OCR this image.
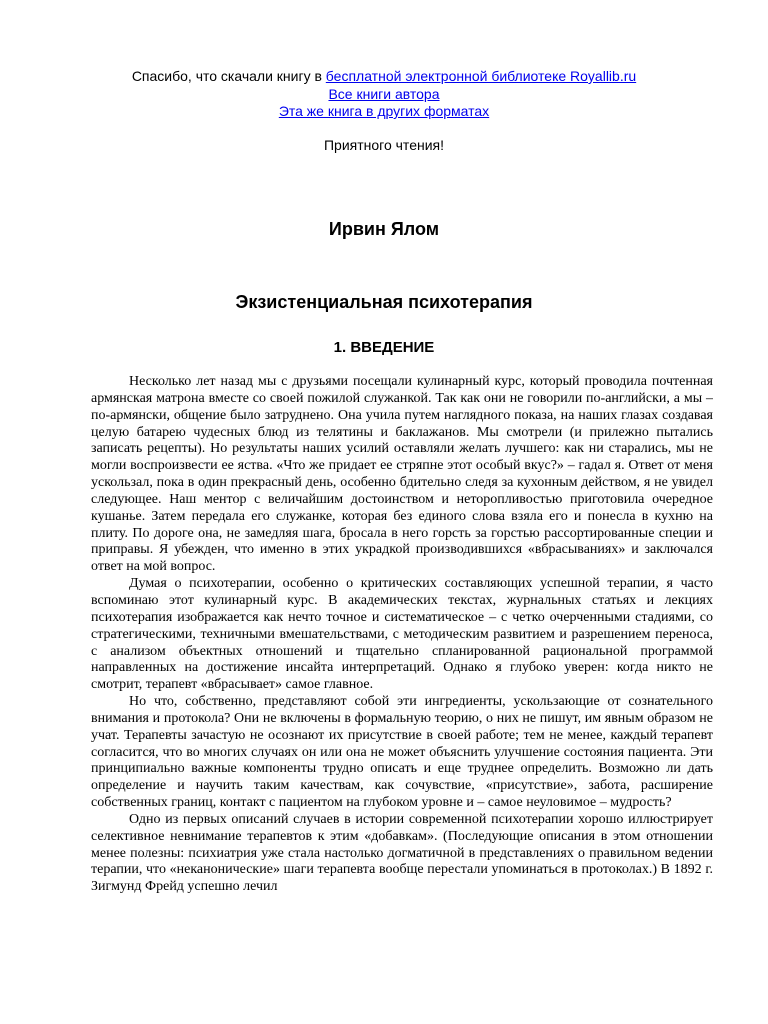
Спасибо, что скачали книгу в бесплатной электронной библиотеке Royallib.ru
Все книги автора
Эта же книга в других форматах
Приятного чтения!
Ирвин Ялом
Экзистенциальная психотерапия
1. ВВЕДЕНИЕ

Несколько лет назад мы с друзьями посещали кулинарный курс, который проводила почтенная армянская матрона вместе со своей пожилой служанкой. Так как они не говорили по-английски, а мы – по-армянски, общение было затруднено. Она учила путем наглядного показа, на наших глазах создавая целую батарею чудесных блюд из телятины и баклажанов. Мы смотрели (и прилежно пытались записать рецепты). Но результаты наших усилий оставляли желать лучшего: как ни старались, мы не могли воспроизвести ее яства. «Что же придает ее стряпне этот особый вкус?» – гадал я. Ответ от меня ускользал, пока в один прекрасный день, особенно бдительно следя за кухонным действом, я не увидел следующее. Наш ментор с величайшим достоинством и неторопливостью приготовила очередное кушанье. Затем передала его служанке, которая без единого слова взяла его и понесла в кухню на плиту. По дороге она, не замедляя шага, бросала в него горсть за горстью рассортированные специи и приправы. Я убежден, что именно в этих украдкой производившихся «вбрасываниях» и заключался ответ на мой вопрос.

Думая о психотерапии, особенно о критических составляющих успешной терапии, я часто вспоминаю этот кулинарный курс. В академических текстах, журнальных статьях и лекциях психотерапия изображается как нечто точное и систематическое – с четко очерченными стадиями, со стратегическими, техничными вмешательствами, с методическим развитием и разрешением переноса, с анализом объектных отношений и тщательно спланированной рациональной программой направленных на достижение инсайта интерпретаций. Однако я глубоко уверен: когда никто не смотрит, терапевт «вбрасывает» самое главное.

Но что, собственно, представляют собой эти ингредиенты, ускользающие от сознательного внимания и протокола? Они не включены в формальную теорию, о них не пишут, им явным образом не учат. Терапевты зачастую не осознают их присутствие в своей работе; тем не менее, каждый терапевт согласится, что во многих случаях он или она не может объяснить улучшение состояния пациента. Эти принципиально важные компоненты трудно описать и еще труднее определить. Возможно ли дать определение и научить таким качествам, как сочувствие, «присутствие», забота, расширение собственных границ, контакт с пациентом на глубоком уровне и – самое неуловимое – мудрость?

Одно из первых описаний случаев в истории современной психотерапии хорошо иллюстрирует селективное невнимание терапевтов к этим «добавкам». (Последующие описания в этом отношении менее полезны: психиатрия уже стала настолько догматичной в представлениях о правильном ведении терапии, что «неканонические» шаги терапевта вообще перестали упоминаться в протоколах.) В 1892 г. Зигмунд Фрейд успешно лечил
